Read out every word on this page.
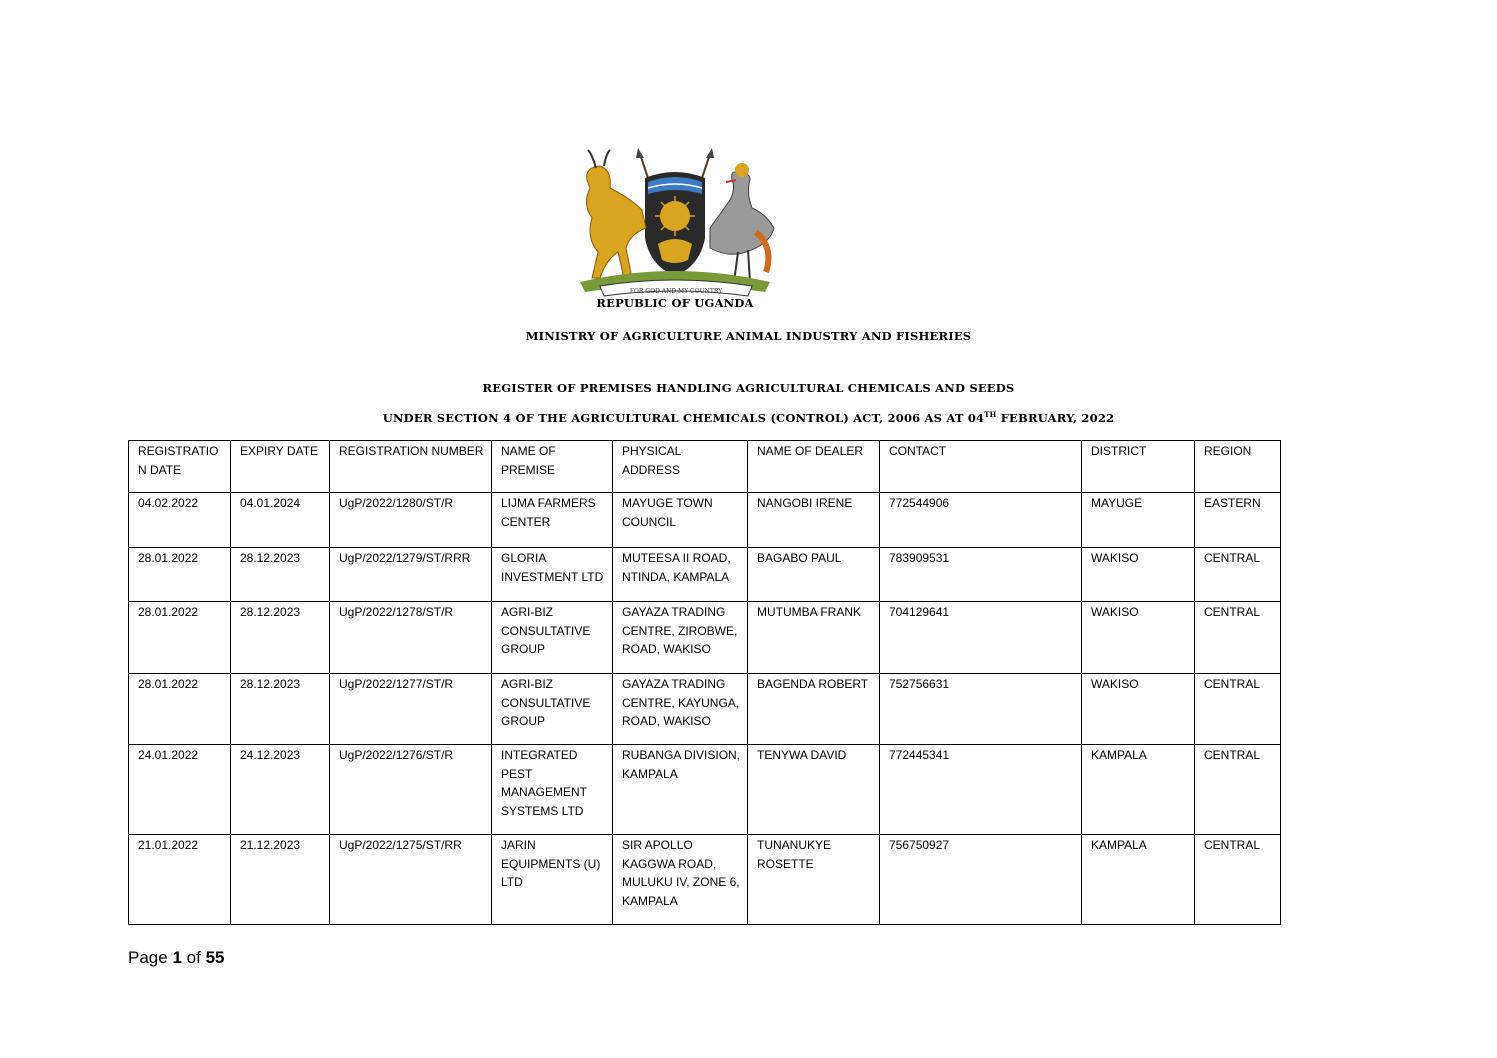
FOR GOD AND MY COUNTRY
REPUBLIC OF UGANDA
MINISTRY OF AGRICULTURE ANIMAL INDUSTRY AND FISHERIES
REGISTER OF PREMISES HANDLING AGRICULTURAL CHEMICALS AND SEEDS
UNDER SECTION 4 OF THE AGRICULTURAL CHEMICALS (CONTROL) ACT, 2006 AS AT 04TH FEBRUARY, 2022
REGISTRATIO N DATE	EXPIRY DATE	REGISTRATION NUMBER	NAME OF PREMISE	PHYSICAL ADDRESS	NAME OF DEALER	CONTACT	DISTRICT	REGION
04.02.2022	04.01.2024	UgP/2022/1280/ST/R	LIJMA FARMERS CENTER	MAYUGE TOWN COUNCIL	NANGOBI IRENE	772544906	MAYUGE	EASTERN
28.01.2022	28.12.2023	UgP/2022/1279/ST/RRR	GLORIA INVESTMENT LTD	MUTEESA II ROAD, NTINDA, KAMPALA	BAGABO PAUL	783909531	WAKISO	CENTRAL
28.01.2022	28.12.2023	UgP/2022/1278/ST/R	AGRI-BIZ CONSULTATIVE GROUP	GAYAZA TRADING CENTRE, ZIROBWE, ROAD, WAKISO	MUTUMBA FRANK	704129641	WAKISO	CENTRAL
28.01.2022	28.12.2023	UgP/2022/1277/ST/R	AGRI-BIZ CONSULTATIVE GROUP	GAYAZA TRADING CENTRE, KAYUNGA, ROAD, WAKISO	BAGENDA ROBERT	752756631	WAKISO	CENTRAL
24.01.2022	24.12.2023	UgP/2022/1276/ST/R	INTEGRATED PEST MANAGEMENT SYSTEMS LTD	RUBANGA DIVISION, KAMPALA	TENYWA DAVID	772445341	KAMPALA	CENTRAL
21.01.2022	21.12.2023	UgP/2022/1275/ST/RR	JARIN EQUIPMENTS (U) LTD	SIR APOLLO KAGGWA ROAD, MULUKU IV, ZONE 6, KAMPALA	TUNANUKYE ROSETTE	756750927	KAMPALA	CENTRAL
Page 1 of 55
